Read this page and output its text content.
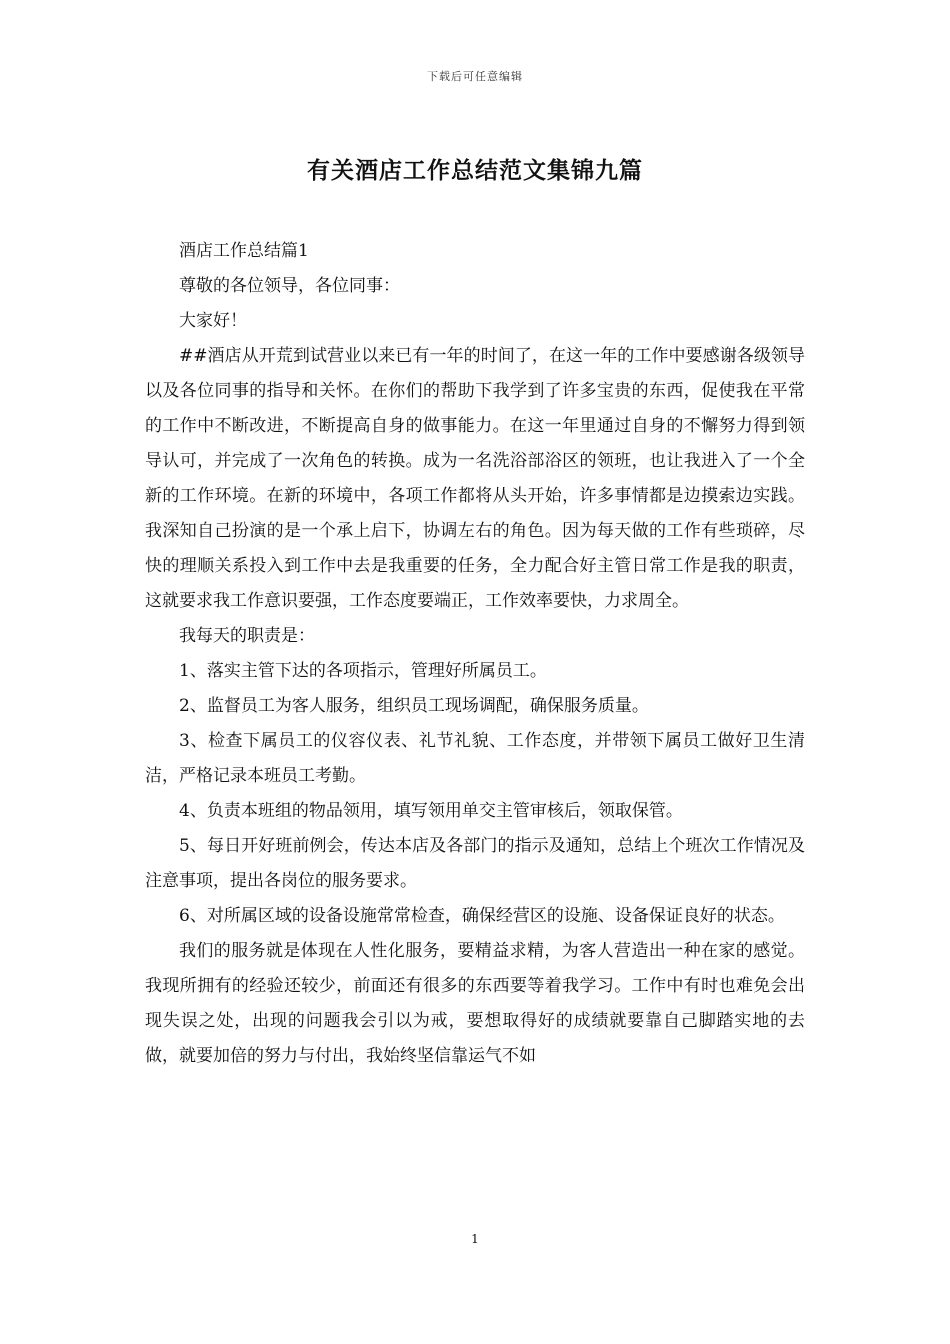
下载后可任意编辑
有关酒店工作总结范文集锦九篇

酒店工作总结篇1

尊敬的各位领导，各位同事：

大家好！

##酒店从开荒到试营业以来已有一年的时间了，在这一年的工作中要感谢各级领导以及各位同事的指导和关怀。在你们的帮助下我学到了许多宝贵的东西，促使我在平常的工作中不断改进，不断提高自身的做事能力。在这一年里通过自身的不懈努力得到领导认可，并完成了一次角色的转换。成为一名洗浴部浴区的领班，也让我进入了一个全新的工作环境。在新的环境中，各项工作都将从头开始，许多事情都是边摸索边实践。我深知自己扮演的是一个承上启下，协调左右的角色。因为每天做的工作有些琐碎，尽快的理顺关系投入到工作中去是我重要的任务，全力配合好主管日常工作是我的职责，这就要求我工作意识要强，工作态度要端正，工作效率要快，力求周全。

我每天的职责是：

1、落实主管下达的各项指示，管理好所属员工。

2、监督员工为客人服务，组织员工现场调配，确保服务质量。

3、检查下属员工的仪容仪表、礼节礼貌、工作态度，并带领下属员工做好卫生清洁，严格记录本班员工考勤。

4、负责本班组的物品领用，填写领用单交主管审核后，领取保管。

5、每日开好班前例会，传达本店及各部门的指示及通知，总结上个班次工作情况及注意事项，提出各岗位的服务要求。

6、对所属区域的设备设施常常检查，确保经营区的设施、设备保证良好的状态。

我们的服务就是体现在人性化服务，要精益求精，为客人营造出一种在家的感觉。我现所拥有的经验还较少，前面还有很多的东西要等着我学习。工作中有时也难免会出现失误之处，出现的问题我会引以为戒，要想取得好的成绩就要靠自己脚踏实地的去做，就要加倍的努力与付出，我始终坚信靠运气不如

1
